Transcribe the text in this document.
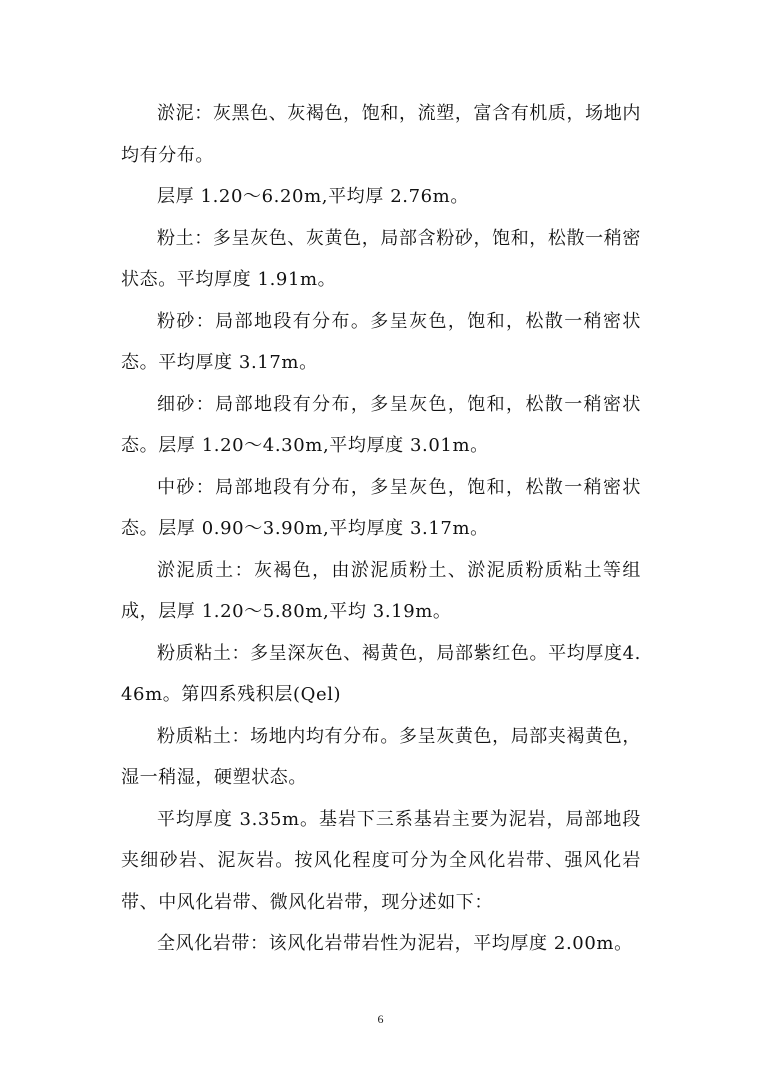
淤泥：灰黑色、灰褐色，饱和，流塑，富含有机质，场地内均有分布。

层厚 1.20～6.20m,平均厚 2.76m。

粉土：多呈灰色、灰黄色，局部含粉砂，饱和，松散一稍密状态。平均厚度 1.91m。

粉砂：局部地段有分布。多呈灰色，饱和，松散一稍密状态。平均厚度 3.17m。

细砂：局部地段有分布，多呈灰色，饱和，松散一稍密状态。层厚 1.20～4.30m,平均厚度 3.01m。

中砂：局部地段有分布，多呈灰色，饱和，松散一稍密状态。层厚 0.90～3.90m,平均厚度 3.17m。

淤泥质土：灰褐色，由淤泥质粉土、淤泥质粉质粘土等组成，层厚 1.20～5.80m,平均 3.19m。

粉质粘土：多呈深灰色、褐黄色，局部紫红色。平均厚度4.46m。第四系残积层(Qel)

粉质粘土：场地内均有分布。多呈灰黄色，局部夹褐黄色，湿一稍湿，硬塑状态。

平均厚度 3.35m。基岩下三系基岩主要为泥岩，局部地段夹细砂岩、泥灰岩。按风化程度可分为全风化岩带、强风化岩带、中风化岩带、微风化岩带，现分述如下：

全风化岩带：该风化岩带岩性为泥岩，平均厚度 2.00m。

6
